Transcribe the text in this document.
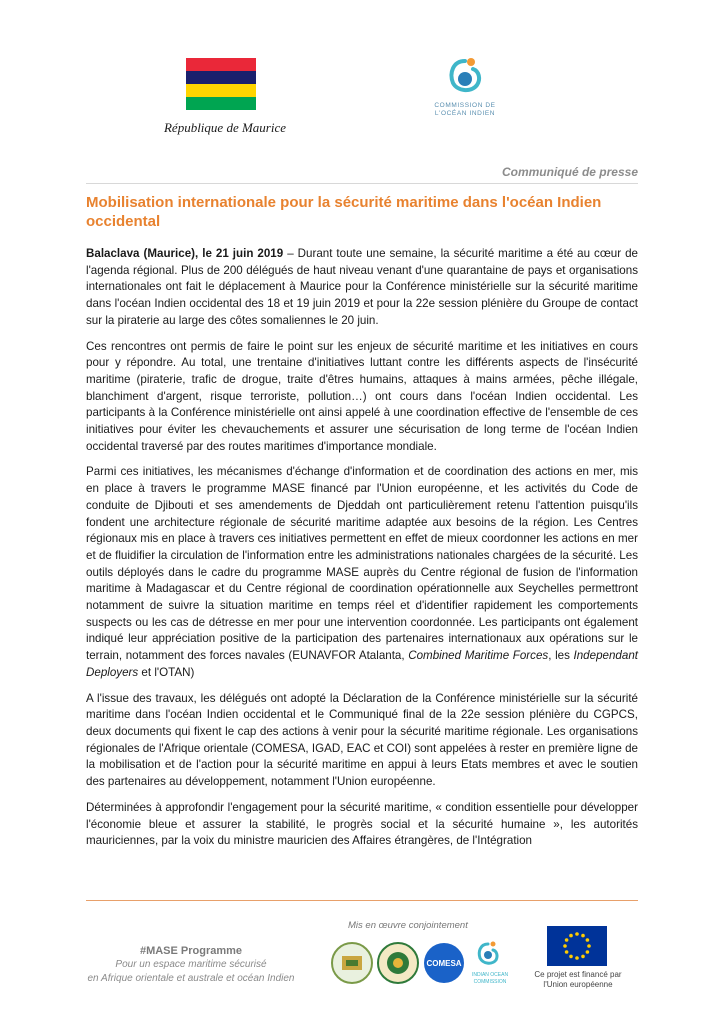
République de Maurice
COMMISSION DE
L'OCÉAN INDIEN
Communiqué de presse
Mobilisation internationale pour la sécurité maritime dans l'océan Indien occidental

Balaclava (Maurice), le 21 juin 2019 – Durant toute une semaine, la sécurité maritime a été au cœur de l'agenda régional. Plus de 200 délégués de haut niveau venant d'une quarantaine de pays et organisations internationales ont fait le déplacement à Maurice pour la Conférence ministérielle sur la sécurité maritime dans l'océan Indien occidental des 18 et 19 juin 2019 et pour la 22e session plénière du Groupe de contact sur la piraterie au large des côtes somaliennes le 20 juin.

Ces rencontres ont permis de faire le point sur les enjeux de sécurité maritime et les initiatives en cours pour y répondre. Au total, une trentaine d'initiatives luttant contre les différents aspects de l'insécurité maritime (piraterie, trafic de drogue, traite d'êtres humains, attaques à mains armées, pêche illégale, blanchiment d'argent, risque terroriste, pollution…) ont cours dans l'océan Indien occidental. Les participants à la Conférence ministérielle ont ainsi appelé à une coordination effective de l'ensemble de ces initiatives pour éviter les chevauchements et assurer une sécurisation de long terme de l'océan Indien occidental traversé par des routes maritimes d'importance mondiale.

Parmi ces initiatives, les mécanismes d'échange d'information et de coordination des actions en mer, mis en place à travers le programme MASE financé par l'Union européenne, et les activités du Code de conduite de Djibouti et ses amendements de Djeddah ont particulièrement retenu l'attention puisqu'ils fondent une architecture régionale de sécurité maritime adaptée aux besoins de la région. Les Centres régionaux mis en place à travers ces initiatives permettent en effet de mieux coordonner les actions en mer et de fluidifier la circulation de l'information entre les administrations nationales chargées de la sécurité. Les outils déployés dans le cadre du programme MASE auprès du Centre régional de fusion de l'information maritime à Madagascar et du Centre régional de coordination opérationnelle aux Seychelles permettront notamment de suivre la situation maritime en temps réel et d'identifier rapidement les comportements suspects ou les cas de détresse en mer pour une intervention coordonnée. Les participants ont également indiqué leur appréciation positive de la participation des partenaires internationaux aux opérations sur le terrain, notamment des forces navales (EUNAVFOR Atalanta, Combined Maritime Forces, les Independant Deployers et l'OTAN)

A l'issue des travaux, les délégués ont adopté la Déclaration de la Conférence ministérielle sur la sécurité maritime dans l'océan Indien occidental et le Communiqué final de la 22e session plénière du CGPCS, deux documents qui fixent le cap des actions à venir pour la sécurité maritime régionale. Les organisations régionales de l'Afrique orientale (COMESA, IGAD, EAC et COI) sont appelées à rester en première ligne de la mobilisation et de l'action pour la sécurité maritime en appui à leurs Etats membres et avec le soutien des partenaires au développement, notamment l'Union européenne.

Déterminées à approfondir l'engagement pour la sécurité maritime, « condition essentielle pour développer l'économie bleue et assurer la stabilité, le progrès social et la sécurité humaine », les autorités mauriciennes, par la voix du ministre mauricien des Affaires étrangères, de l'Intégration

#MASE Programme
Pour un espace maritime sécurisé
en Afrique orientale et australe et océan Indien
Mis en œuvre conjointement
COMESA
INDIAN OCEAN
COMMISSION
Ce projet est financé par
l'Union européenne
